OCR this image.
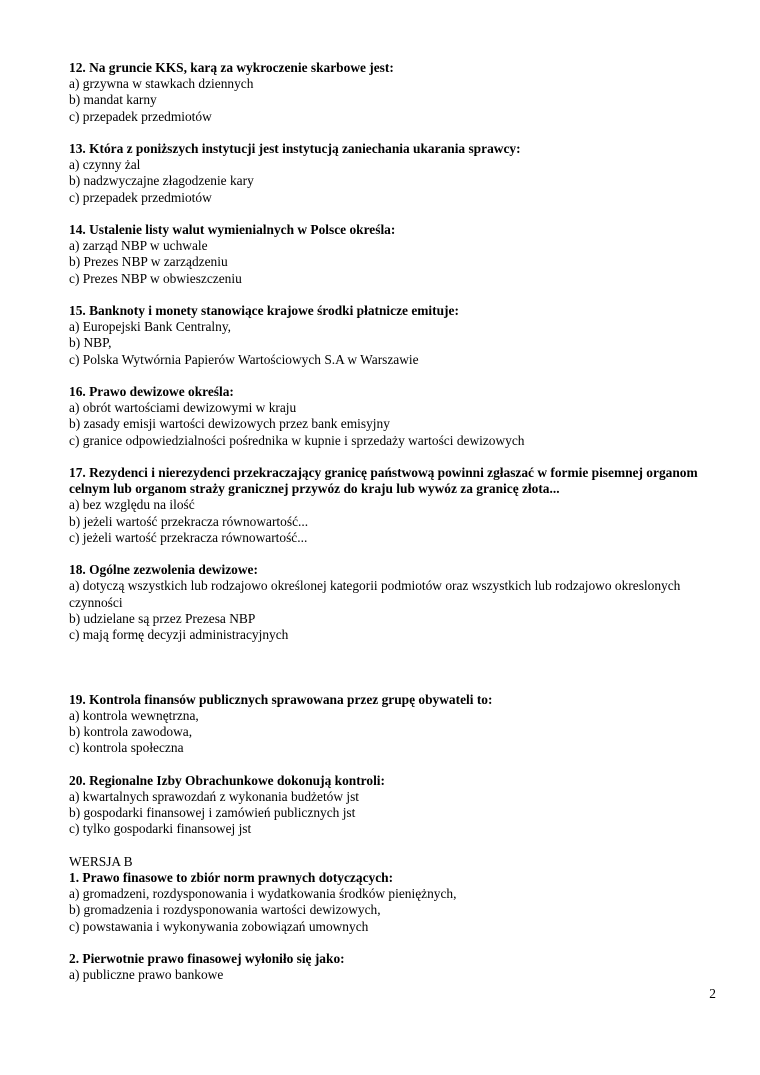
12. Na gruncie KKS, karą za wykroczenie skarbowe jest:
a) grzywna w stawkach dziennych
b) mandat karny
c) przepadek przedmiotów
13. Która z poniższych instytucji jest instytucją zaniechania ukarania sprawcy:
a) czynny żal
b) nadzwyczajne złagodzenie kary
c) przepadek przedmiotów
14. Ustalenie listy walut wymienialnych w Polsce określa:
a) zarząd NBP w uchwale
b) Prezes NBP w zarządzeniu
c) Prezes NBP w obwieszczeniu
15. Banknoty i monety stanowiące krajowe środki płatnicze emituje:
a) Europejski Bank Centralny,
b) NBP,
c) Polska Wytwórnia Papierów Wartościowych S.A w Warszawie
16. Prawo dewizowe określa:
a) obrót wartościami dewizowymi w kraju
b) zasady emisji wartości dewizowych przez bank emisyjny
c) granice odpowiedzialności pośrednika w kupnie i sprzedaży wartości dewizowych
17. Rezydenci i nierezydenci przekraczający granicę państwową powinni zgłaszać w formie pisemnej organom celnym lub organom straży granicznej przywóz do kraju lub wywóz za granicę złota...
a) bez względu na ilość
b) jeżeli wartość przekracza równowartość...
c) jeżeli wartość przekracza równowartość...
18. Ogólne zezwolenia dewizowe:
a) dotyczą wszystkich lub rodzajowo określonej kategorii podmiotów oraz wszystkich lub rodzajowo okreslonych czynności
b) udzielane są przez Prezesa NBP
c) mają formę decyzji administracyjnych
19. Kontrola finansów publicznych sprawowana przez grupę obywateli to:
a) kontrola wewnętrzna,
b) kontrola zawodowa,
c) kontrola społeczna
20. Regionalne Izby Obrachunkowe dokonują kontroli:
a) kwartalnych sprawozdań z wykonania budżetów jst
b) gospodarki finansowej i zamówień publicznych jst
c) tylko gospodarki finansowej jst
WERSJA B
1. Prawo finasowe to zbiór norm prawnych dotyczących:
a) gromadzeni, rozdysponowania i wydatkowania środków pieniężnych,
b) gromadzenia i rozdysponowania wartości dewizowych,
c) powstawania i wykonywania zobowiązań umownych
2. Pierwotnie prawo finasowej wyłoniło się jako:
a) publiczne prawo bankowe
2
